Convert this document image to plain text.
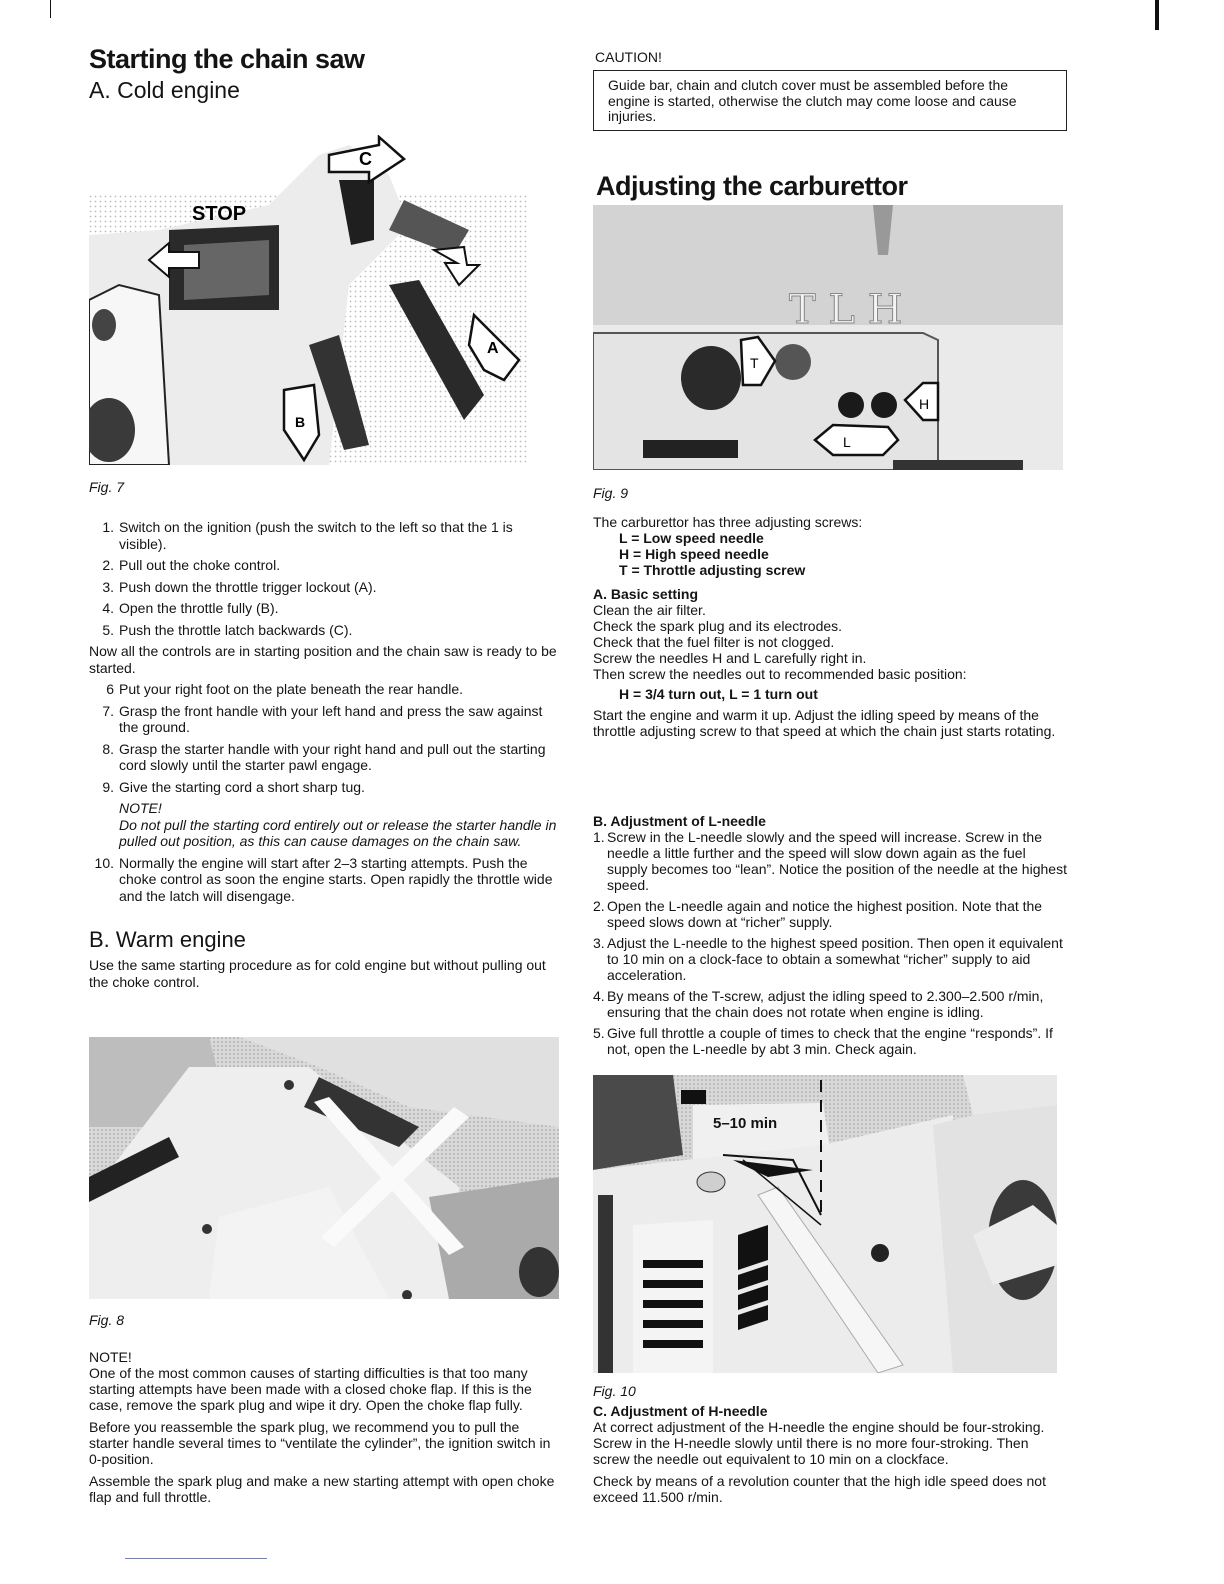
Starting the chain saw
A. Cold engine
C
STOP
A
B
Fig. 7
1. Switch on the ignition (push the switch to the left so that the 1 is visible).
2. Pull out the choke control.
3. Push down the throttle trigger lockout (A).
4. Open the throttle fully (B).
5. Push the throttle latch backwards (C).
Now all the controls are in starting position and the chain saw is ready to be started.
6 Put your right foot on the plate beneath the rear handle.
7. Grasp the front handle with your left hand and press the saw against the ground.
8. Grasp the starter handle with your right hand and pull out the starting cord slowly until the starter pawl engage.
9. Give the starting cord a short sharp tug.
NOTE!
Do not pull the starting cord entirely out or release the starter handle in pulled out position, as this can cause damages on the chain saw.
10. Normally the engine will start after 2–3 starting attempts. Push the choke control as soon the engine starts. Open rapidly the throttle wide and the latch will disengage.
B. Warm engine
Use the same starting procedure as for cold engine but without pulling out the choke control.
Fig. 8
NOTE!
One of the most common causes of starting difficulties is that too many starting attempts have been made with a closed choke flap. If this is the case, remove the spark plug and wipe it dry. Open the choke flap fully.
Before you reassemble the spark plug, we recommend you to pull the starter handle several times to “ventilate the cylinder”, the ignition switch in 0-position.
Assemble the spark plug and make a new starting attempt with open choke flap and full throttle.
CAUTION!
Guide bar, chain and clutch cover must be assembled before the engine is started, otherwise the clutch may come loose and cause injuries.
Adjusting the carburettor
T L H
T
H
L
Fig. 9
The carburettor has three adjusting screws:
L = Low speed needle
H = High speed needle
T = Throttle adjusting screw
A. Basic setting
Clean the air filter.
Check the spark plug and its electrodes.
Check that the fuel filter is not clogged.
Screw the needles H and L carefully right in.
Then screw the needles out to recommended basic position:
H = 3/4 turn out, L = 1 turn out
Start the engine and warm it up. Adjust the idling speed by means of the throttle adjusting screw to that speed at which the chain just starts rotating.
B. Adjustment of L-needle
1. Screw in the L-needle slowly and the speed will increase. Screw in the needle a little further and the speed will slow down again as the fuel supply becomes too “lean”. Notice the position of the needle at the highest speed.
2. Open the L-needle again and notice the highest position. Note that the speed slows down at “richer” supply.
3. Adjust the L-needle to the highest speed position. Then open it equivalent to 10 min on a clock-face to obtain a somewhat “richer” supply to aid acceleration.
4. By means of the T-screw, adjust the idling speed to 2.300–2.500 r/min, ensuring that the chain does not rotate when engine is idling.
5. Give full throttle a couple of times to check that the engine “responds”. If not, open the L-needle by abt 3 min. Check again.
5–10 min
Fig. 10
C. Adjustment of H-needle
At correct adjustment of the H-needle the engine should be four-stroking. Screw in the H-needle slowly until there is no more four-stroking. Then screw the needle out equivalent to 10 min on a clockface.
Check by means of a revolution counter that the high idle speed does not exceed 11.500 r/min.
